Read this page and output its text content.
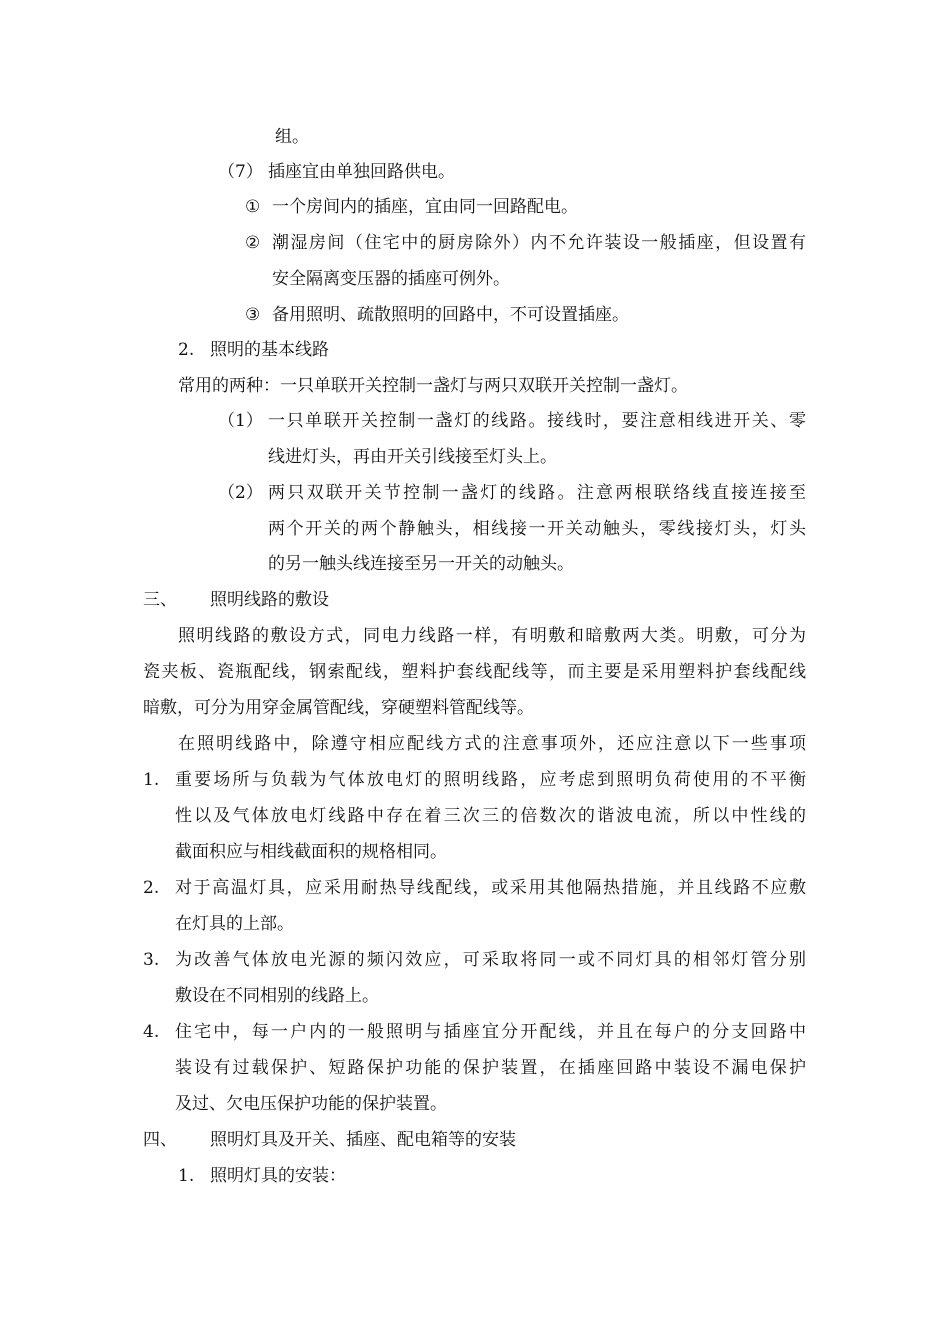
组。
（7） 插座宜由单独回路供电。
① 一个房间内的插座，宜由同一回路配电。
② 潮湿房间（住宅中的厨房除外）内不允许装设一般插座，但设置有
安全隔离变压器的插座可例外。
③ 备用照明、疏散照明的回路中，不可设置插座。
2. 照明的基本线路
常用的两种：一只单联开关控制一盏灯与两只双联开关控制一盏灯。
（1） 一只单联开关控制一盏灯的线路。接线时，要注意相线进开关、零
线进灯头，再由开关引线接至灯头上。
（2） 两只双联开关节控制一盏灯的线路。注意两根联络线直接连接至
两个开关的两个静触头，相线接一开关动触头，零线接灯头，灯头
的另一触头线连接至另一开关的动触头。
三、 照明线路的敷设
照明线路的敷设方式，同电力线路一样，有明敷和暗敷两大类。明敷，可分为
瓷夹板、瓷瓶配线，钢索配线，塑料护套线配线等，而主要是采用塑料护套线配线
暗敷，可分为用穿金属管配线，穿硬塑料管配线等。
在照明线路中，除遵守相应配线方式的注意事项外，还应注意以下一些事项
1. 重要场所与负载为气体放电灯的照明线路，应考虑到照明负荷使用的不平衡
性以及气体放电灯线路中存在着三次三的倍数次的谐波电流，所以中性线的
截面积应与相线截面积的规格相同。
2. 对于高温灯具，应采用耐热导线配线，或采用其他隔热措施，并且线路不应敷
在灯具的上部。
3. 为改善气体放电光源的频闪效应，可采取将同一或不同灯具的相邻灯管分别
敷设在不同相别的线路上。
4. 住宅中，每一户内的一般照明与插座宜分开配线，并且在每户的分支回路中
装设有过载保护、短路保护功能的保护装置，在插座回路中装设不漏电保护
及过、欠电压保护功能的保护装置。
四、 照明灯具及开关、插座、配电箱等的安装
1. 照明灯具的安装：
